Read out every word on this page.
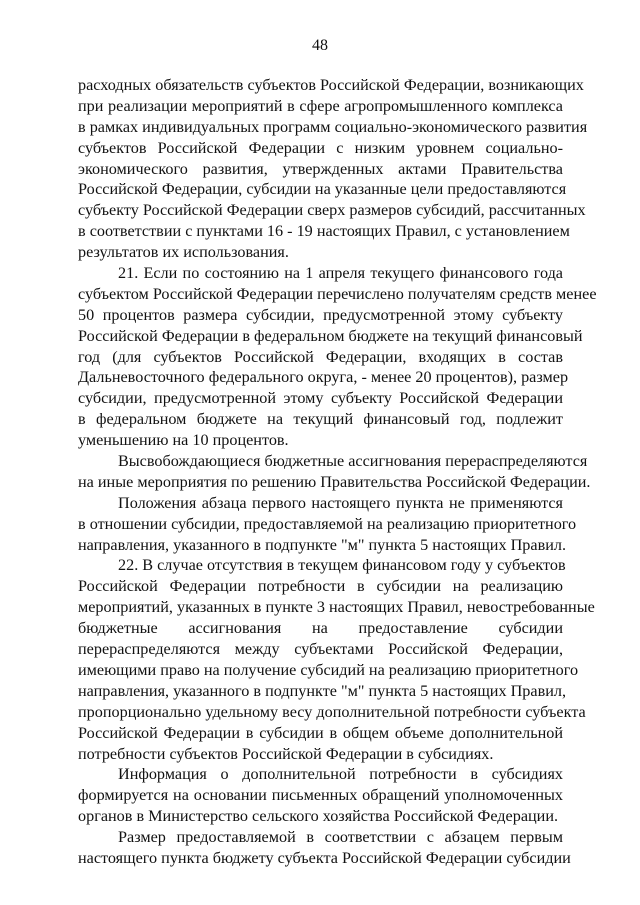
48
расходных обязательств субъектов Российской Федерации, возникающих
при реализации мероприятий в сфере агропромышленного комплекса
в рамках индивидуальных программ социально-экономического развития
субъектов Российской Федерации с низким уровнем социально-
экономического развития, утвержденных актами Правительства
Российской Федерации, субсидии на указанные цели предоставляются
субъекту Российской Федерации сверх размеров субсидий, рассчитанных
в соответствии с пунктами 16 - 19 настоящих Правил, с установлением
результатов их использования.
21. Если по состоянию на 1 апреля текущего финансового года
субъектом Российской Федерации перечислено получателям средств менее
50 процентов размера субсидии, предусмотренной этому субъекту
Российской Федерации в федеральном бюджете на текущий финансовый
год (для субъектов Российской Федерации, входящих в состав
Дальневосточного федерального округа, - менее 20 процентов), размер
субсидии, предусмотренной этому субъекту Российской Федерации
в федеральном бюджете на текущий финансовый год, подлежит
уменьшению на 10 процентов.
Высвобождающиеся бюджетные ассигнования перераспределяются
на иные мероприятия по решению Правительства Российской Федерации.
Положения абзаца первого настоящего пункта не применяются
в отношении субсидии, предоставляемой на реализацию приоритетного
направления, указанного в подпункте "м" пункта 5 настоящих Правил.
22. В случае отсутствия в текущем финансовом году у субъектов
Российской Федерации потребности в субсидии на реализацию
мероприятий, указанных в пункте 3 настоящих Правил, невостребованные
бюджетные ассигнования на предоставление субсидии
перераспределяются между субъектами Российской Федерации,
имеющими право на получение субсидий на реализацию приоритетного
направления, указанного в подпункте "м" пункта 5 настоящих Правил,
пропорционально удельному весу дополнительной потребности субъекта
Российской Федерации в субсидии в общем объеме дополнительной
потребности субъектов Российской Федерации в субсидиях.
Информация о дополнительной потребности в субсидиях
формируется на основании письменных обращений уполномоченных
органов в Министерство сельского хозяйства Российской Федерации.
Размер предоставляемой в соответствии с абзацем первым
настоящего пункта бюджету субъекта Российской Федерации субсидии
